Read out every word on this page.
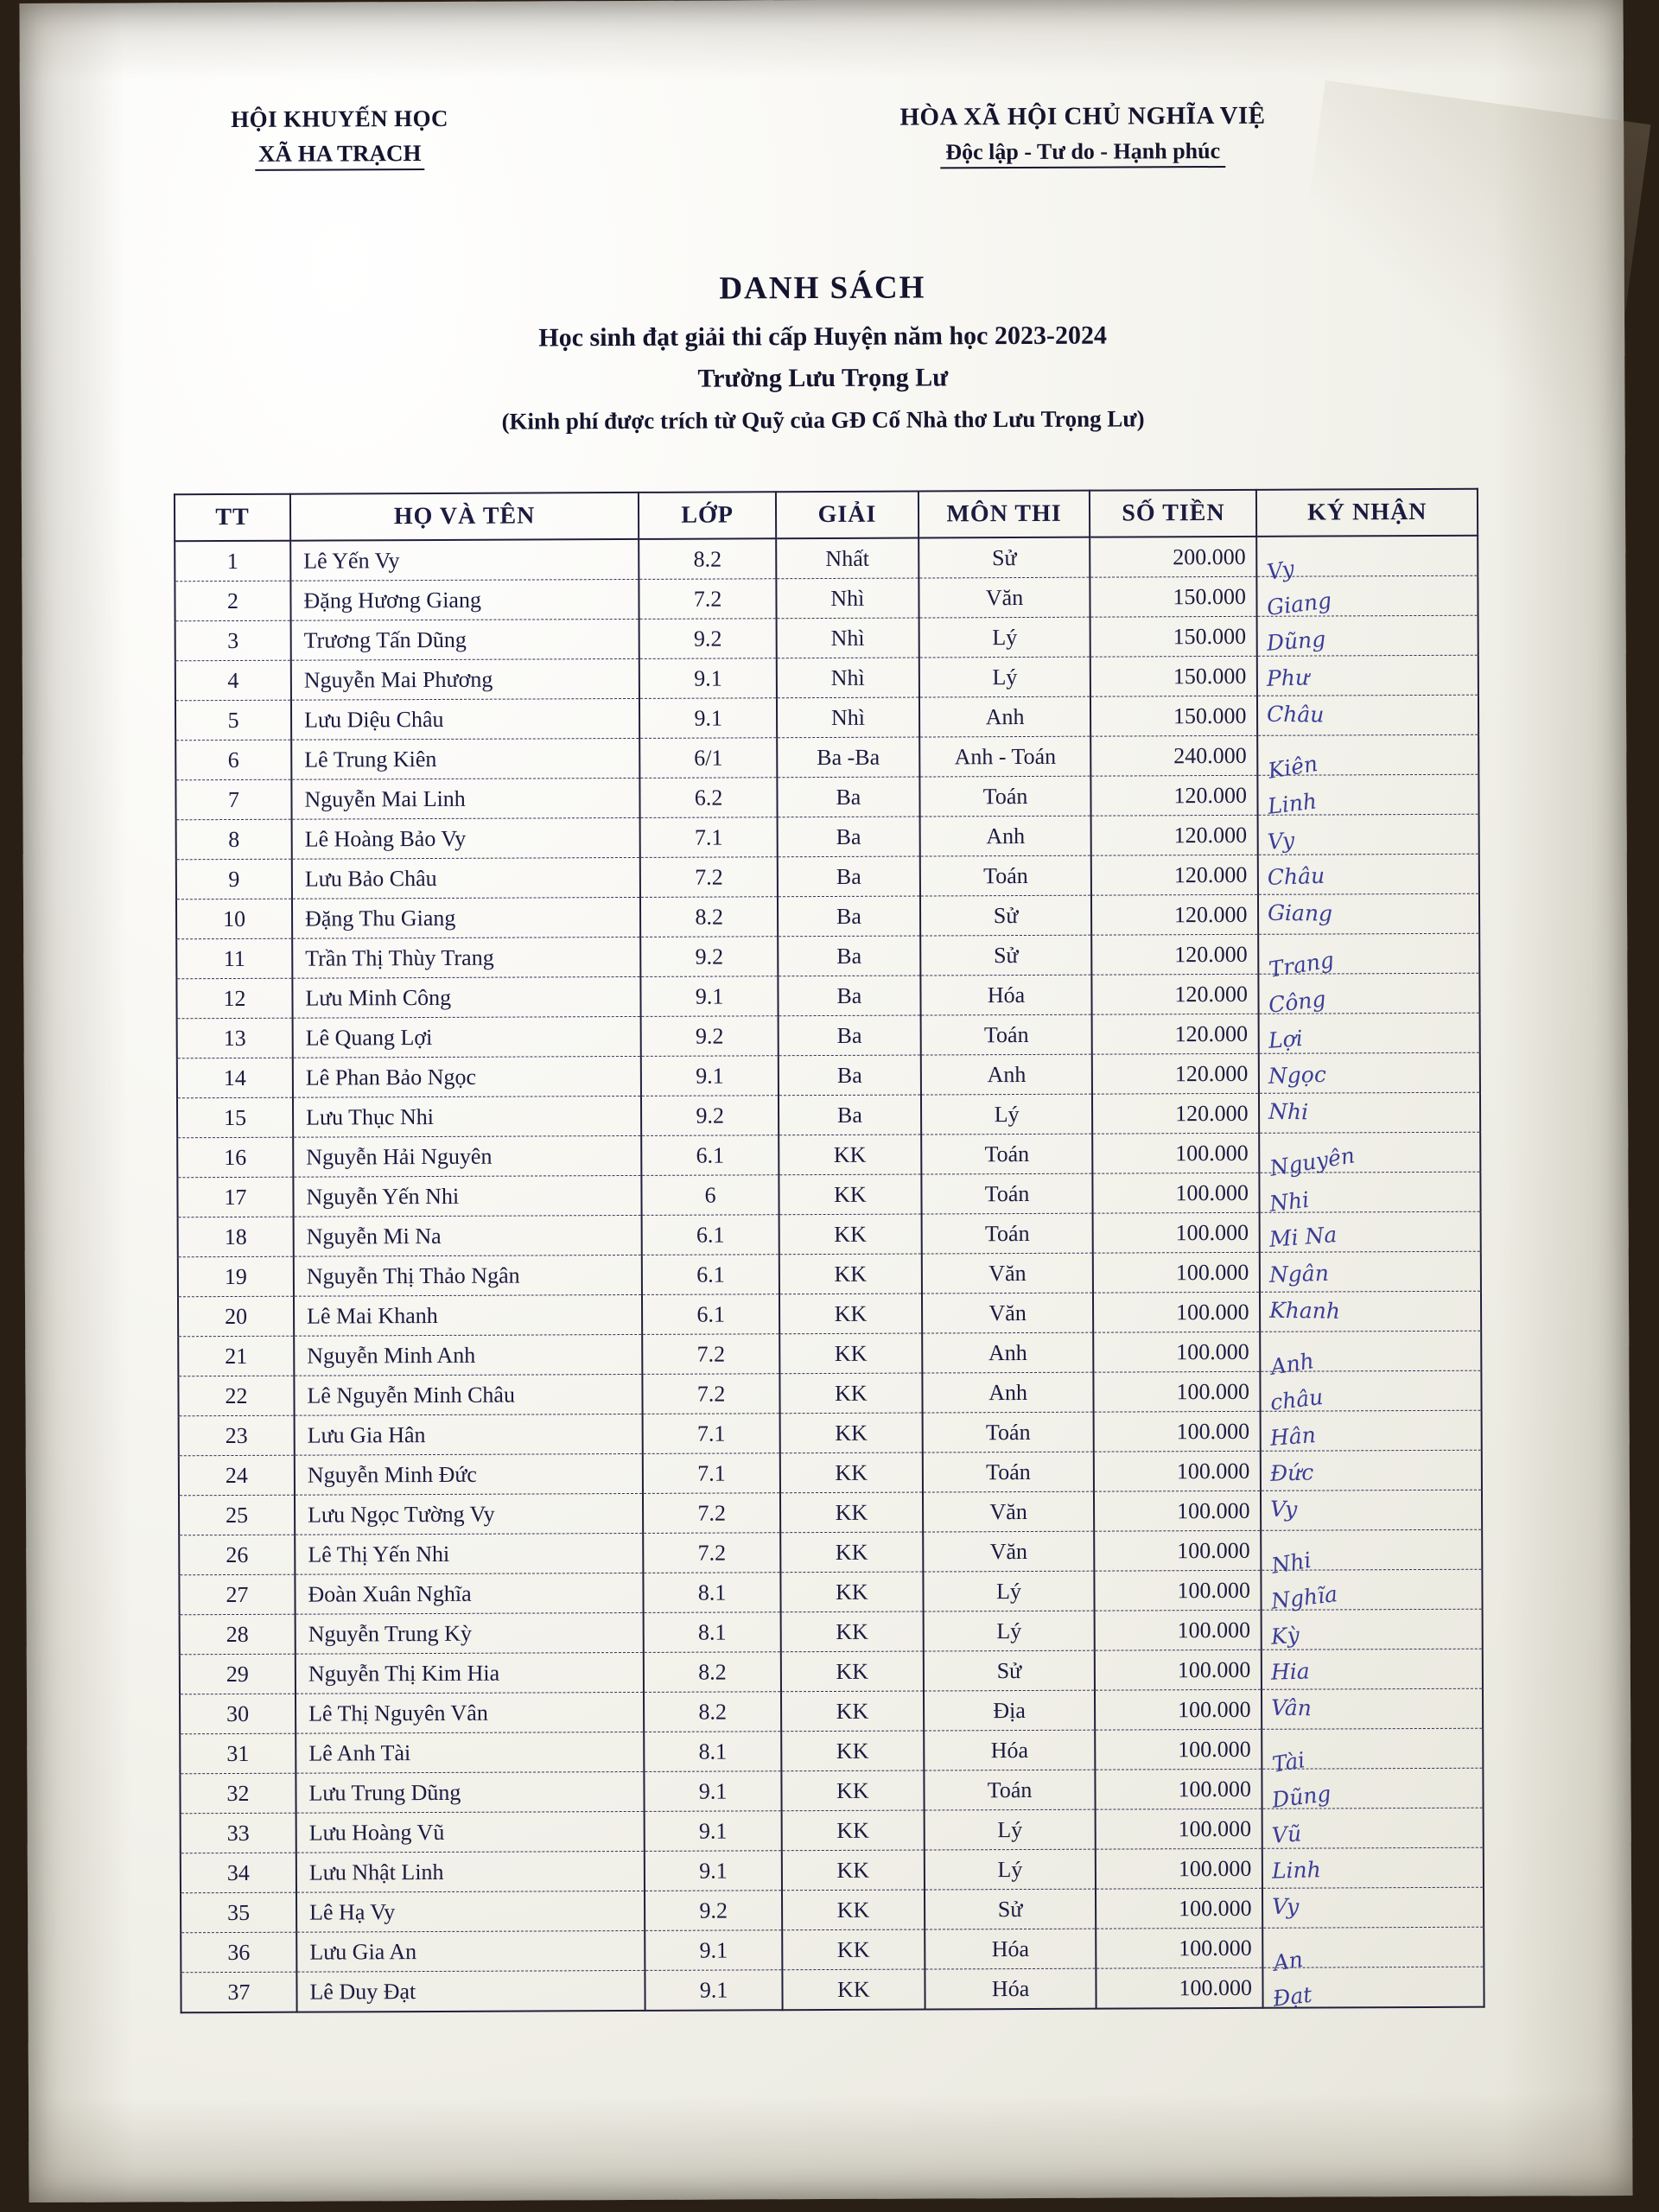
HỘI KHUYẾN HỌC
XÃ HA TRẠCH
HÒA XÃ HỘI CHỦ NGHĨA VIỆ
Độc lập - Tư do - Hạnh phúc
DANH SÁCH
Học sinh đạt giải thi cấp Huyện năm học 2023-2024
Trường Lưu Trọng Lư
(Kinh phí được trích từ Quỹ của GĐ Cố Nhà thơ Lưu Trọng Lư)
TT	HỌ VÀ TÊN	LỚP	GIẢI	MÔN THI	SỐ TIỀN	KÝ NHẬN
1	Lê Yến Vy	8.2	Nhất	Sử	200.000	Vy

2	Đặng Hương Giang	7.2	Nhì	Văn	150.000	Giang

3	Trương Tấn Dũng	9.2	Nhì	Lý	150.000	Dũng

4	Nguyễn Mai Phương	9.1	Nhì	Lý	150.000	Phư

5	Lưu Diệu Châu	9.1	Nhì	Anh	150.000	Châu

6	Lê Trung Kiên	6/1	Ba -Ba	Anh - Toán	240.000	Kiên

7	Nguyễn Mai Linh	6.2	Ba	Toán	120.000	Linh

8	Lê Hoàng Bảo Vy	7.1	Ba	Anh	120.000	Vy

9	Lưu Bảo Châu	7.2	Ba	Toán	120.000	Châu

10	Đặng Thu Giang	8.2	Ba	Sử	120.000	Giang

11	Trần Thị Thùy Trang	9.2	Ba	Sử	120.000	Trang

12	Lưu Minh Công	9.1	Ba	Hóa	120.000	Công

13	Lê Quang Lợi	9.2	Ba	Toán	120.000	Lợi

14	Lê Phan Bảo Ngọc	9.1	Ba	Anh	120.000	Ngọc

15	Lưu Thục Nhi	9.2	Ba	Lý	120.000	Nhi

16	Nguyễn Hải Nguyên	6.1	KK	Toán	100.000	Nguyên

17	Nguyễn Yến Nhi	6	KK	Toán	100.000	Nhi

18	Nguyễn Mi Na	6.1	KK	Toán	100.000	Mi Na

19	Nguyễn Thị Thảo Ngân	6.1	KK	Văn	100.000	Ngân

20	Lê Mai Khanh	6.1	KK	Văn	100.000	Khanh

21	Nguyễn Minh Anh	7.2	KK	Anh	100.000	Anh

22	Lê Nguyễn Minh Châu	7.2	KK	Anh	100.000	châu

23	Lưu Gia Hân	7.1	KK	Toán	100.000	Hân

24	Nguyễn Minh Đức	7.1	KK	Toán	100.000	Đức

25	Lưu Ngọc Tường Vy	7.2	KK	Văn	100.000	Vy

26	Lê Thị Yến Nhi	7.2	KK	Văn	100.000	Nhi

27	Đoàn Xuân Nghĩa	8.1	KK	Lý	100.000	Nghĩa

28	Nguyễn Trung Kỳ	8.1	KK	Lý	100.000	Kỳ

29	Nguyễn Thị Kim Hia	8.2	KK	Sử	100.000	Hia

30	Lê Thị Nguyên Vân	8.2	KK	Địa	100.000	Vân

31	Lê Anh Tài	8.1	KK	Hóa	100.000	Tài

32	Lưu Trung Dũng	9.1	KK	Toán	100.000	Dũng

33	Lưu Hoàng Vũ	9.1	KK	Lý	100.000	Vũ

34	Lưu Nhật Linh	9.1	KK	Lý	100.000	Linh

35	Lê Hạ Vy	9.2	KK	Sử	100.000	Vy

36	Lưu Gia An	9.1	KK	Hóa	100.000	An

37	Lê Duy Đạt	9.1	KK	Hóa	100.000	Đạt
